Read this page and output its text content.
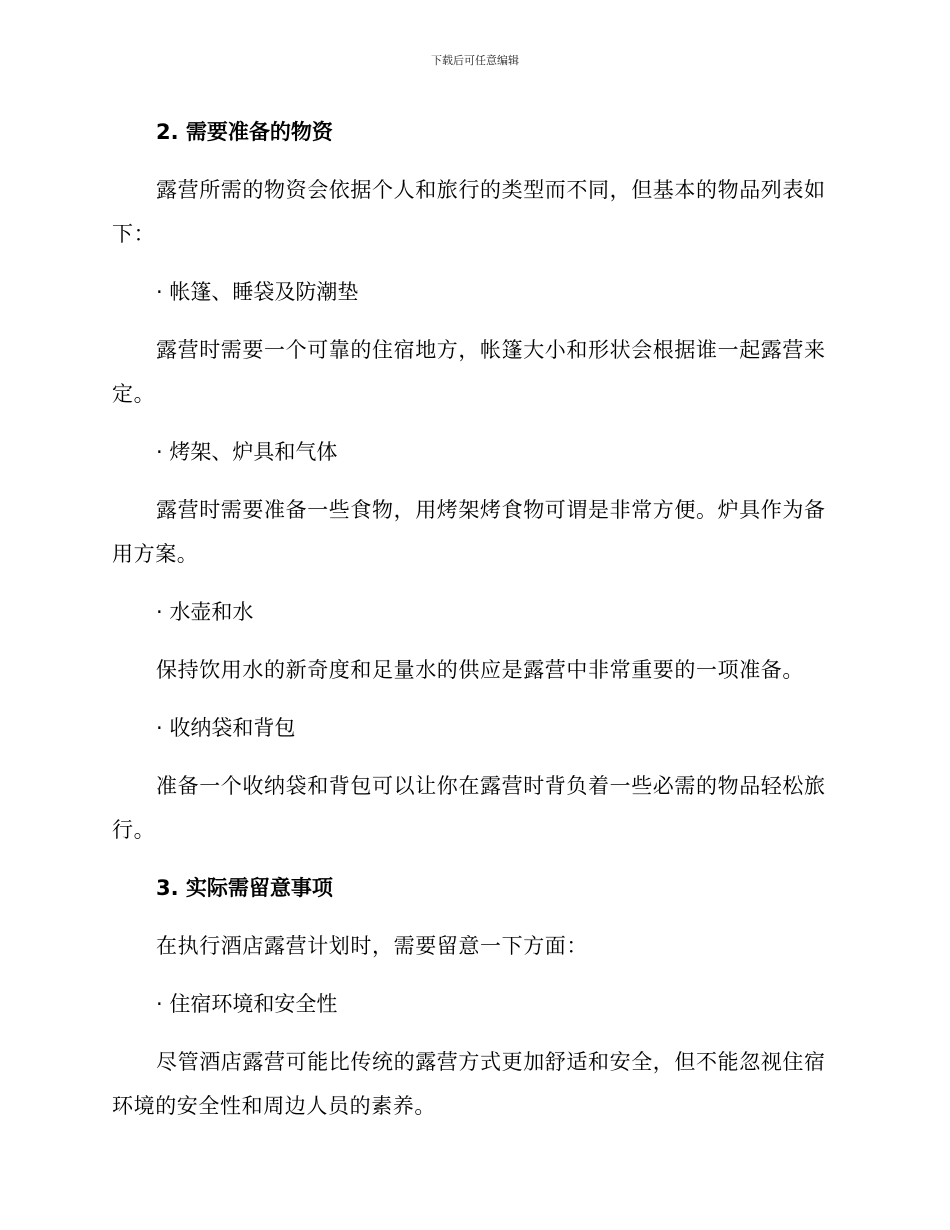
下载后可任意编辑
2. 需要准备的物资
露营所需的物资会依据个人和旅行的类型而不同，但基本的物品列表如下：
· 帐篷、睡袋及防潮垫
露营时需要一个可靠的住宿地方，帐篷大小和形状会根据谁一起露营来定。
· 烤架、炉具和气体
露营时需要准备一些食物，用烤架烤食物可谓是非常方便。炉具作为备用方案。
· 水壶和水
保持饮用水的新奇度和足量水的供应是露营中非常重要的一项准备。
· 收纳袋和背包
准备一个收纳袋和背包可以让你在露营时背负着一些必需的物品轻松旅行。
3. 实际需留意事项
在执行酒店露营计划时，需要留意一下方面：
· 住宿环境和安全性
尽管酒店露营可能比传统的露营方式更加舒适和安全，但不能忽视住宿环境的安全性和周边人员的素养。
